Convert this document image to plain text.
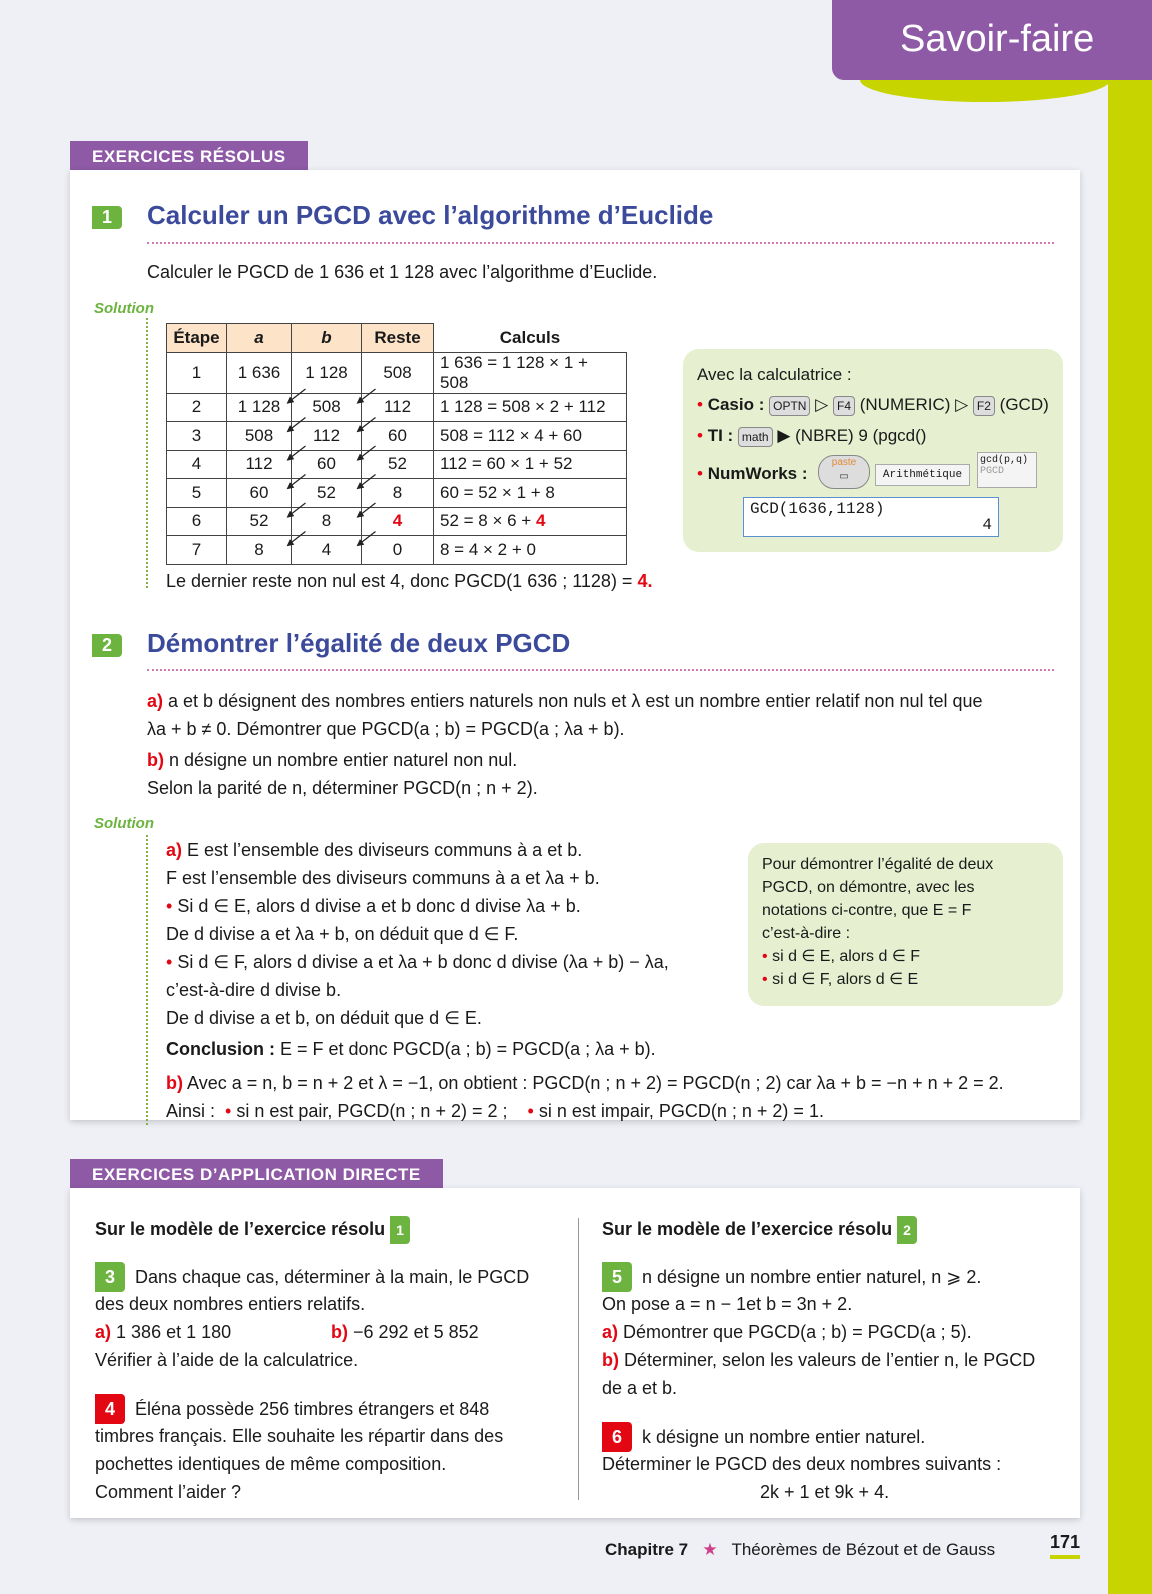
Savoir-faire
EXERCICES RÉSOLUS
1	Calculer un PGCD avec l’algorithme d’Euclide
Calculer le PGCD de 1 636 et 1 128 avec l’algorithme d’Euclide.
Solution
Étape	a	b	Reste	Calculs
1	1 636	1 128	508	1 636 = 1 128 × 1 + 508
2	1 128	508	112	1 128 = 508 × 2 + 112
3	508	112	60	508 = 112 × 4 + 60
4	112	60	52	112 = 60 × 1 + 52
5	60	52	8	60 = 52 × 1 + 8
6	52	8	4	52 = 8 × 6 + 4
7	8	4	0	8 = 4 × 2 + 0
Le dernier reste non nul est 4, donc PGCD(1 636 ; 1128) = 4.
Avec la calculatrice :
• Casio : OPTN ▷ F4 (NUMERIC) ▷ F2 (GCD)
• TI : math ▶ (NBRE) 9 (pgcd()
• NumWorks :
paste
▭	Arithmétique
gcd(p,q)
PGCD
GCD(1636,1128)
4
2	Démontrer l’égalité de deux PGCD
a) a et b désignent des nombres entiers naturels non nuls et λ est un nombre entier relatif non nul tel que
λa + b ≠ 0. Démontrer que PGCD(a ; b) = PGCD(a ; λa + b).
b) n désigne un nombre entier naturel non nul.
Selon la parité de n, déterminer PGCD(n ; n + 2).
Solution
a) E est l’ensemble des diviseurs communs à a et b.
F est l’ensemble des diviseurs communs à a et λa + b.
• Si d ∈ E, alors d divise a et b donc d divise λa + b.
De d divise a et λa + b, on déduit que d ∈ F.
• Si d ∈ F, alors d divise a et λa + b donc d divise (λa + b) − λa,
c’est-à-dire d divise b.
De d divise a et b, on déduit que d ∈ E.
Conclusion : E = F et donc PGCD(a ; b) = PGCD(a ; λa + b).
b) Avec a = n, b = n + 2 et λ = −1, on obtient : PGCD(n ; n + 2) = PGCD(n ; 2) car λa + b = −n + n + 2 = 2.
Ainsi : • si n est pair, PGCD(n ; n + 2) = 2 ; • si n est impair, PGCD(n ; n + 2) = 1.
Pour démontrer l’égalité de deux
PGCD, on démontre, avec les
notations ci-contre, que E = F
c’est-à-dire :
• si d ∈ E, alors d ∈ F
• si d ∈ F, alors d ∈ E
EXERCICES D’APPLICATION DIRECTE
Sur le modèle de l’exercice résolu 1	Sur le modèle de l’exercice résolu 2
3 Dans chaque cas, déterminer à la main, le PGCD
des deux nombres entiers relatifs.
a) 1 386 et 1 180	b) −6 292 et 5 852
Vérifier à l’aide de la calculatrice.
4 Éléna possède 256 timbres étrangers et 848
timbres français. Elle souhaite les répartir dans des
pochettes identiques de même composition.
Comment l’aider ?
5 n désigne un nombre entier naturel, n ⩾ 2.
On pose a = n − 1et b = 3n + 2.
a) Démontrer que PGCD(a ; b) = PGCD(a ; 5).
b) Déterminer, selon les valeurs de l’entier n, le PGCD
de a et b.
6 k désigne un nombre entier naturel.
Déterminer le PGCD des deux nombres suivants :
2k + 1 et 9k + 4.
Chapitre 7 ★ Théorèmes de Bézout et de Gauss	171
